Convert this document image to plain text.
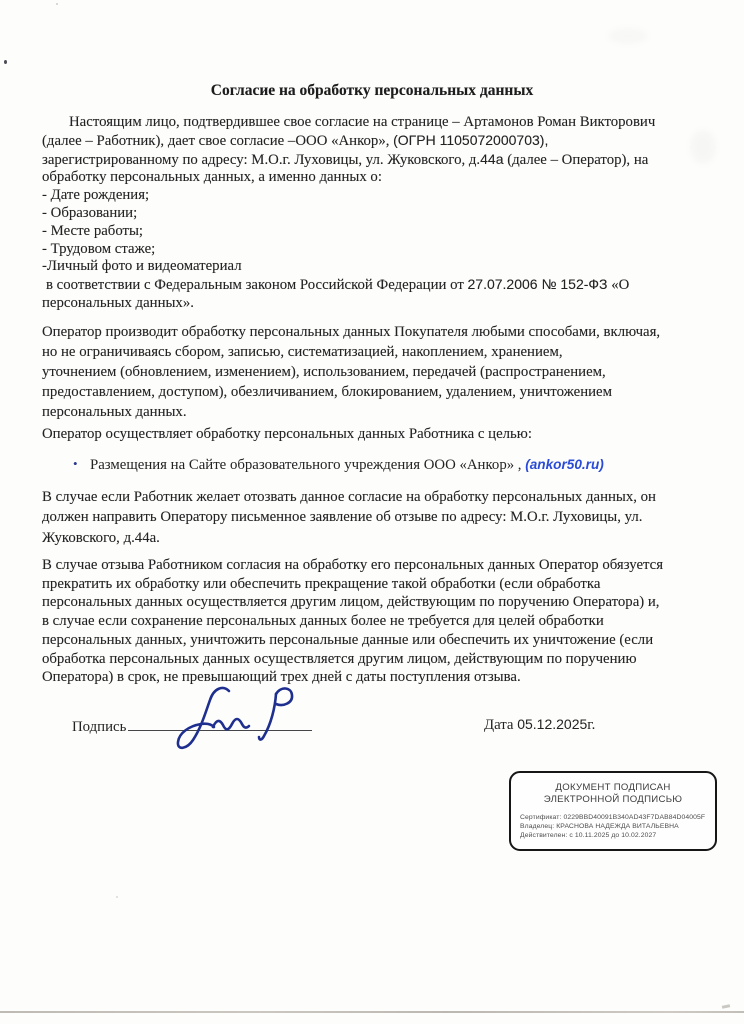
Согласие на обработку персональных данных
Настоящим лицо, подтвердившее свое согласие на странице – Артамонов Роман Викторович
(далее – Работник), дает свое согласие –ООО «Анкор», (ОГРН 1105072000703),
зарегистрированному по адресу: М.О.г. Луховицы, ул. Жуковского, д.44а (далее – Оператор), на
обработку персональных данных, а именно данных о:
- Дате рождения;
- Образовании;
- Месте работы;
- Трудовом стаже;
-Личный фото и видеоматериал
в соответствии с Федеральным законом Российской Федерации от 27.07.2006 № 152-ФЗ «О
персональных данных».
Оператор производит обработку персональных данных Покупателя любыми способами, включая,
но не ограничиваясь сбором, записью, систематизацией, накоплением, хранением,
уточнением (обновлением, изменением), использованием, передачей (распространением,
предоставлением, доступом), обезличиванием, блокированием, удалением, уничтожением
персональных данных.
Оператор осуществляет обработку персональных данных Работника с целью:
• Размещения на Сайте образовательного учреждения ООО «Анкор» , (ankor50.ru)
В случае если Работник желает отозвать данное согласие на обработку персональных данных, он
должен направить Оператору письменное заявление об отзыве по адресу: М.О.г. Луховицы, ул.
Жуковского, д.44а.
В случае отзыва Работником согласия на обработку его персональных данных Оператор обязуется
прекратить их обработку или обеспечить прекращение такой обработки (если обработка
персональных данных осуществляется другим лицом, действующим по поручению Оператора) и,
в случае если сохранение персональных данных более не требуется для целей обработки
персональных данных, уничтожить персональные данные или обеспечить их уничтожение (если
обработка персональных данных осуществляется другим лицом, действующим по поручению
Оператора) в срок, не превышающий трех дней с даты поступления отзыва.
Подпись	Дата 05.12.2025г.
ДОКУМЕНТ ПОДПИСАН
ЭЛЕКТРОННОЙ ПОДПИСЬЮ
Сертификат: 0229BBD40091B340AD43F7DAB84D04005F
Владелец: КРАСНОВА НАДЕЖДА ВИТАЛЬЕВНА
Действителен: с 10.11.2025 до 10.02.2027
